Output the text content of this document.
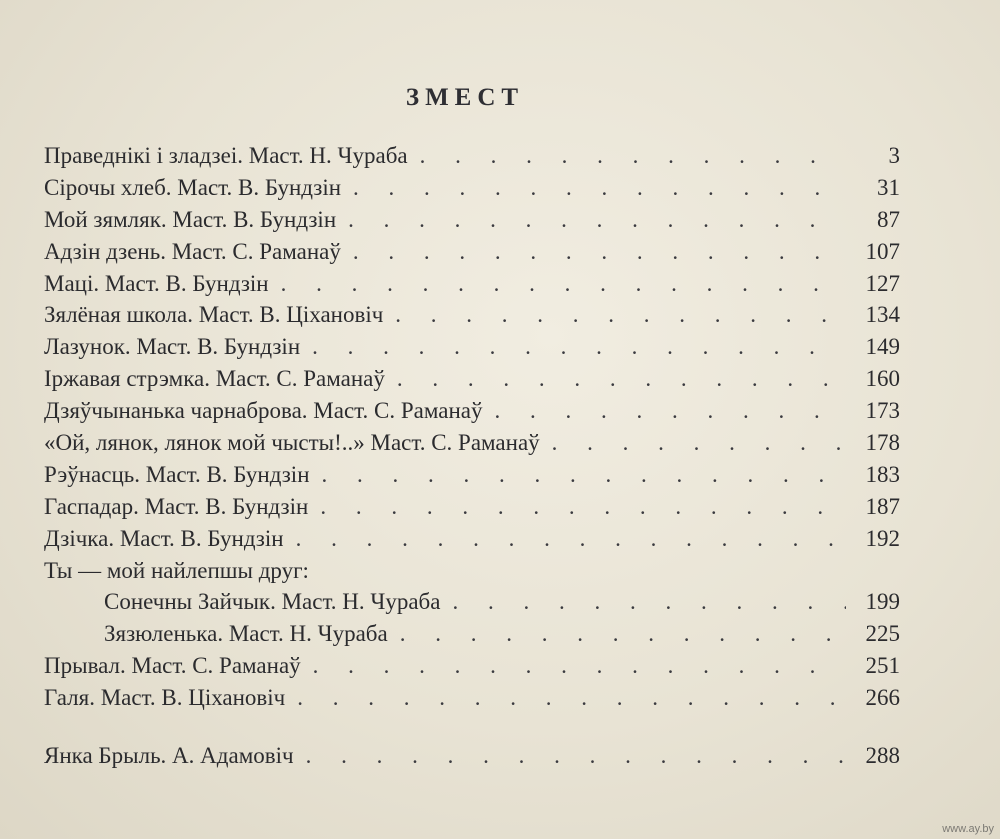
ЗМЕСТ
Праведнікі і зладзеі. Маст. Н. Чураба . . .	3
Сірочы хлеб. Маст. В. Бундзін . . .	31
Мой зямляк. Маст. В. Бундзін . . .	87
Адзін дзень. Маст. С. Раманаў . . .	107
Маці. Маст. В. Бундзін . . .	127
Зялёная школа. Маст. В. Ціхановіч . . .	134
Лазунок. Маст. В. Бундзін . . .	149
Іржавая стрэмка. Маст. С. Раманаў . . .	160
Дзяўчынанька чарнаброва. Маст. С. Раманаў . . .	173
«Ой, лянок, лянок мой чысты!..» Маст. С. Раманаў . . .	178
Рэўнасць. Маст. В. Бундзін . . .	183
Гаспадар. Маст. В. Бундзін . . .	187
Дзічка. Маст. В. Бундзін . . .	192
Ты — мой найлепшы друг:
Сонечны Зайчык. Маст. Н. Чураба . . .	199
Зязюленька. Маст. Н. Чураба . . .	225
Прывал. Маст. С. Раманаў . . .	251
Галя. Маст. В. Ціхановіч . . .	266
Янка Брыль. А. Адамовіч . . .	288
www.ay.by
